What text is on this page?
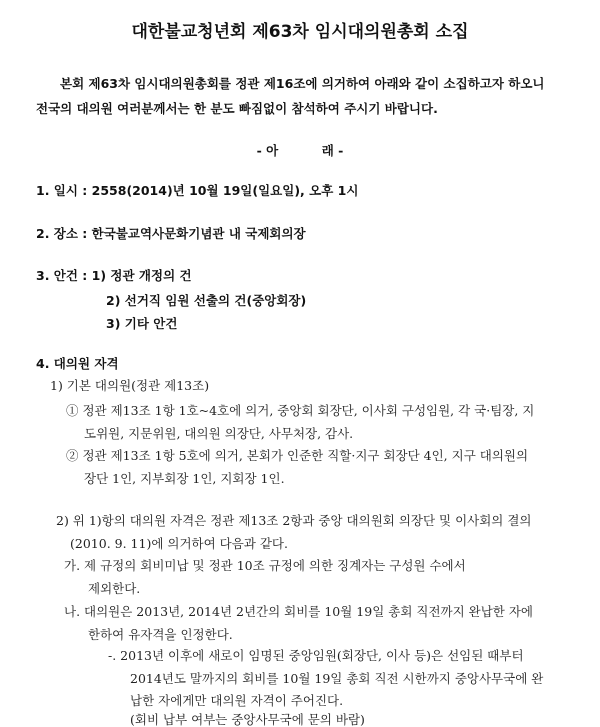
대한불교청년회 제63차 임시대의원총회 소집
본회 제63차 임시대의원총회를 정관 제16조에 의거하여 아래와 같이 소집하고자 하오니
전국의 대의원 여러분께서는 한 분도 빠짐없이 참석하여 주시기 바랍니다.
- 아          래 -
1. 일시 : 2558(2014)년 10월 19일(일요일), 오후 1시
2. 장소 : 한국불교역사문화기념관 내 국제회의장
3. 안건 : 1) 정관 개정의 건
2) 선거직 임원 선출의 건(중앙회장)
3) 기타 안건
4. 대의원 자격
1) 기본 대의원(정관 제13조)
① 정관 제13조 1항 1호~4호에 의거, 중앙회 회장단, 이사회 구성임원, 각 국·팀장, 지
도위원, 지문위원, 대의원 의장단, 사무처장, 감사.
② 정관 제13조 1항 5호에 의거, 본회가 인준한 직할·지구 회장단 4인, 지구 대의원의
장단 1인, 지부회장 1인, 지회장 1인.
2) 위 1)항의 대의원 자격은 정관 제13조 2항과 중앙 대의원회 의장단 및 이사회의 결의
(2010. 9. 11)에 의거하여 다음과 같다.
가. 제 규정의 회비미납 및 정관 10조 규정에 의한 징계자는 구성원 수에서
제외한다.
나. 대의원은 2013년, 2014년 2년간의 회비를 10월 19일 총회 직전까지 완납한 자에
한하여 유자격을 인정한다.
-. 2013년 이후에 새로이 임명된 중앙임원(회장단, 이사 등)은 선임된 때부터
2014년도 말까지의 회비를 10월 19일 총회 직전 시한까지 중앙사무국에 완
납한 자에게만 대의원 자격이 주어진다.
(회비 납부 여부는 중앙사무국에 문의 바람)
